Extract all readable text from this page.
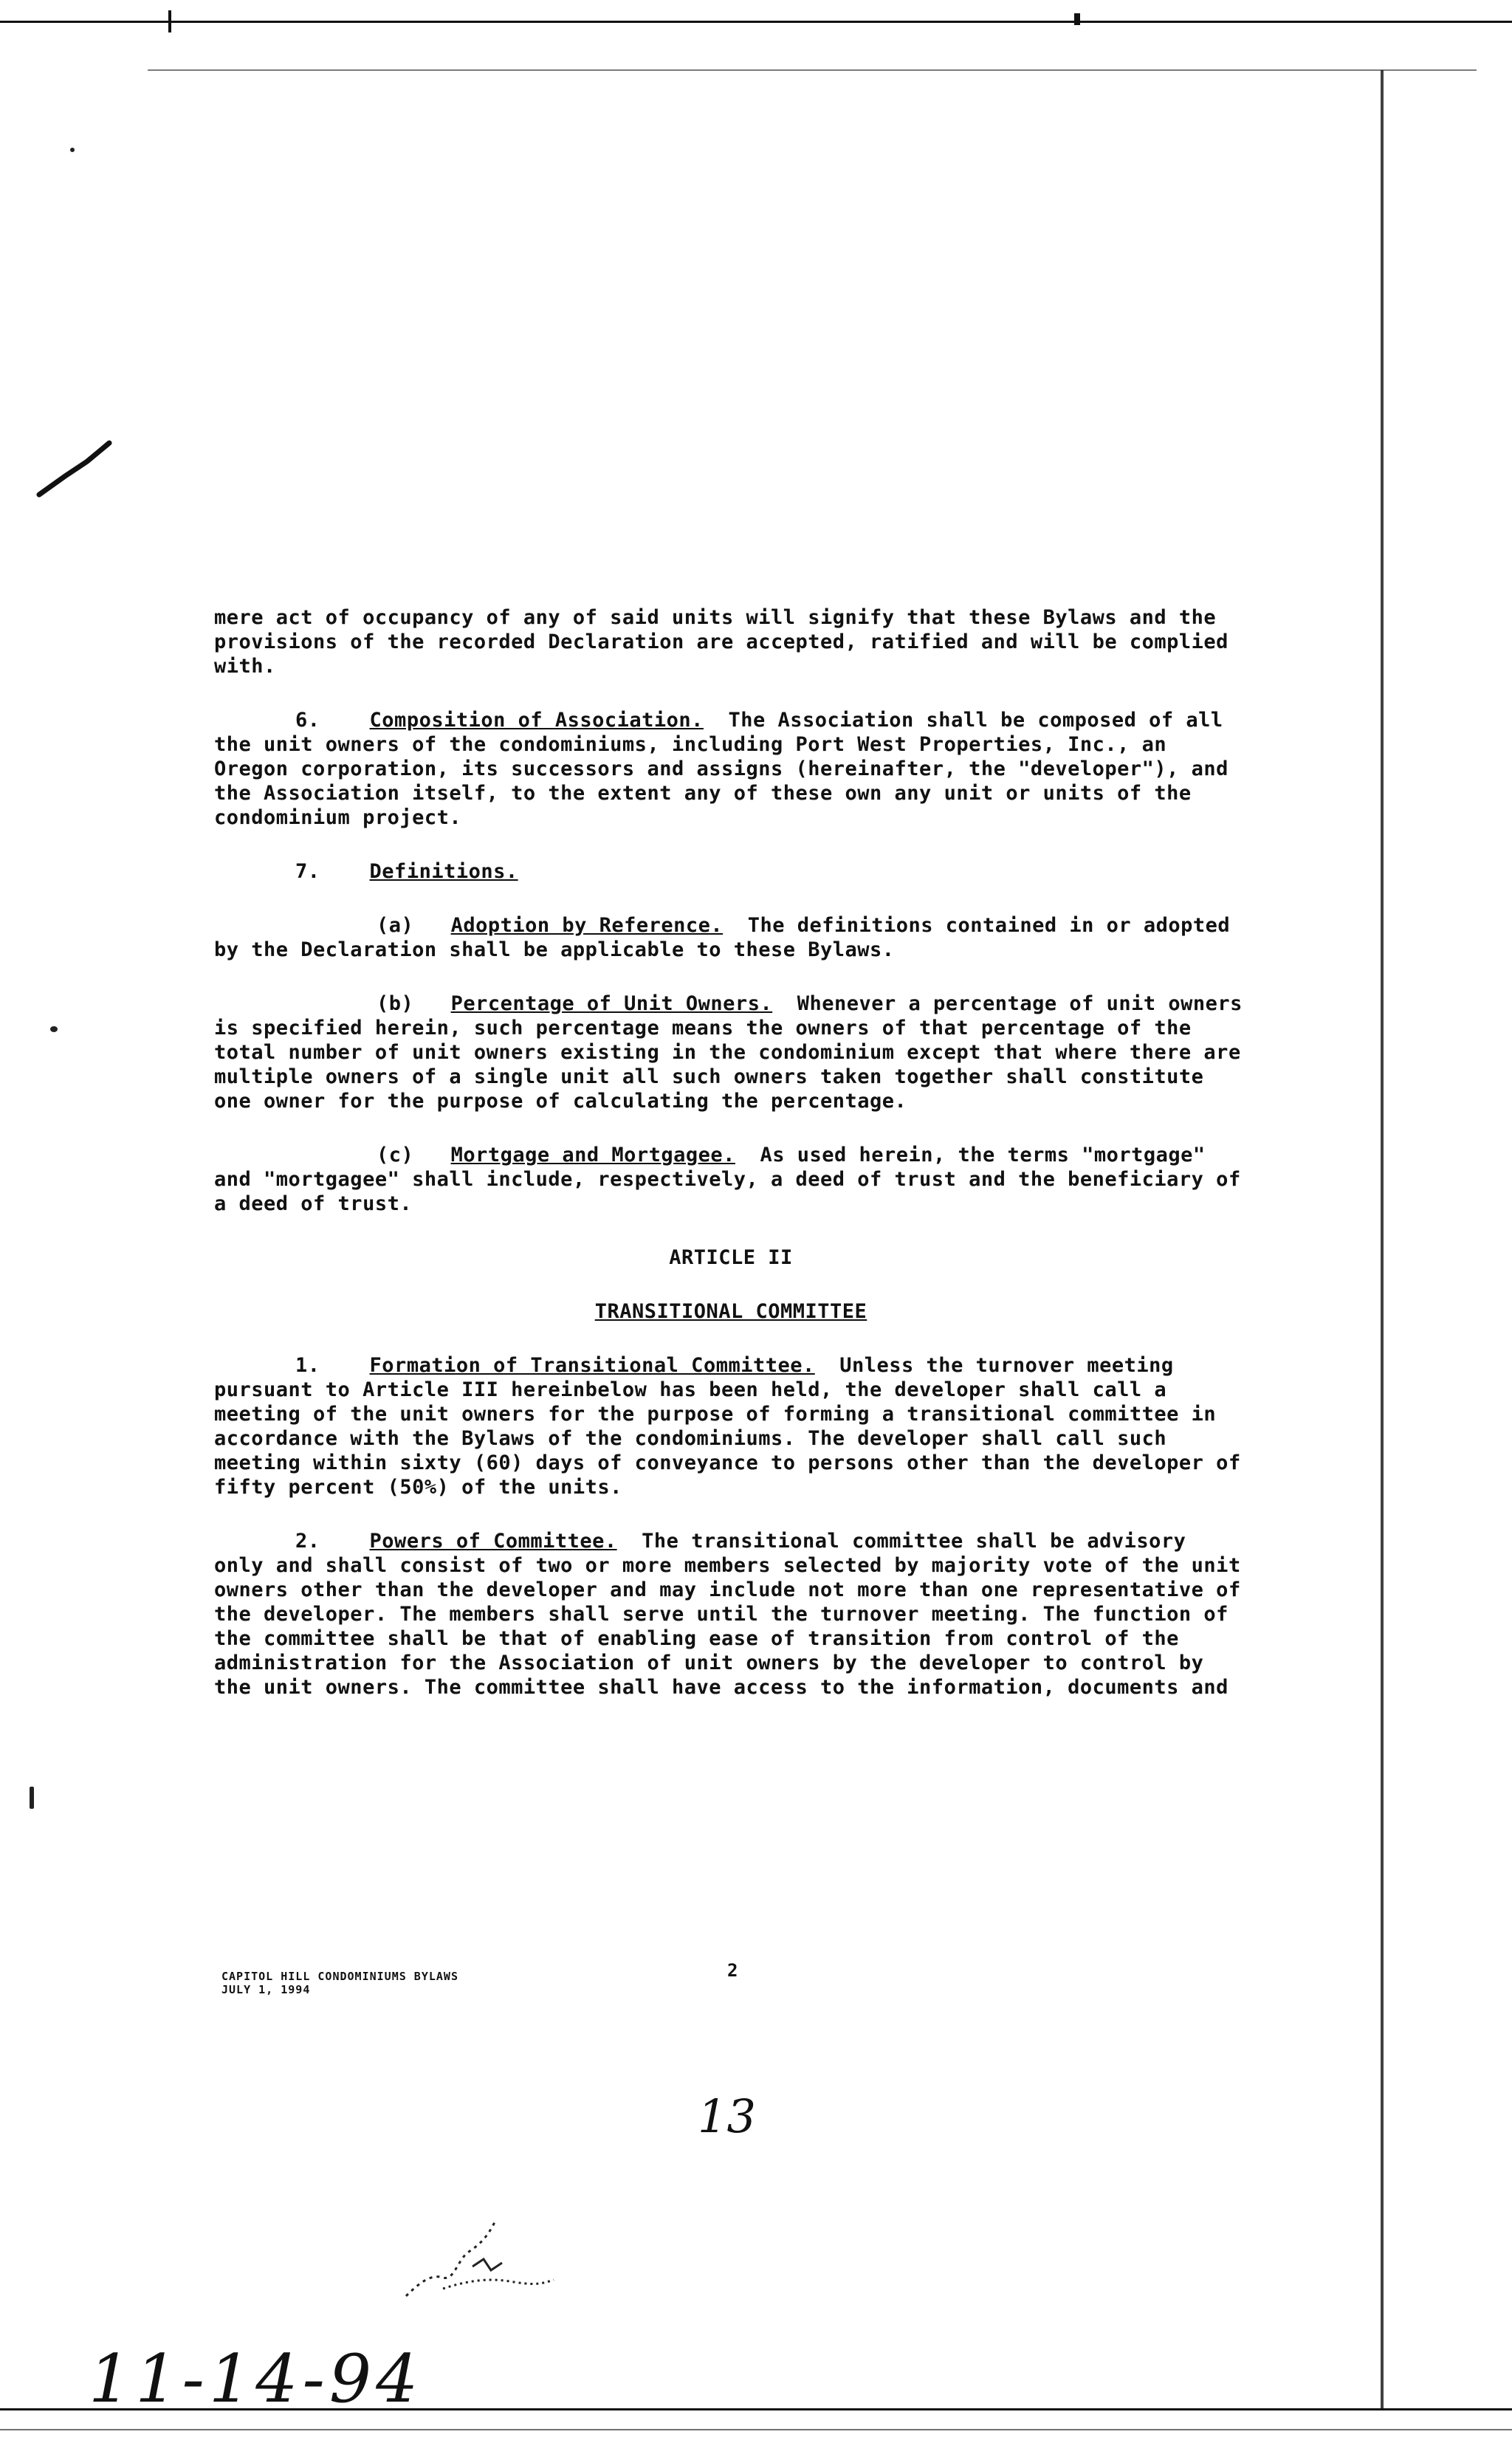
mere act of occupancy of any of said units will signify that these Bylaws and the provisions of the recorded Declaration are accepted, ratified and will be complied with.

6. Composition of Association. The Association shall be composed of all the unit owners of the condominiums, including Port West Properties, Inc., an Oregon corporation, its successors and assigns (hereinafter, the "developer"), and the Association itself, to the extent any of these own any unit or units of the condominium project.

7. Definitions.

(a) Adoption by Reference. The definitions contained in or adopted by the Declaration shall be applicable to these Bylaws.

(b) Percentage of Unit Owners. Whenever a percentage of unit owners is specified herein, such percentage means the owners of that percentage of the total number of unit owners existing in the condominium except that where there are multiple owners of a single unit all such owners taken together shall constitute one owner for the purpose of calculating the percentage.

(c) Mortgage and Mortgagee. As used herein, the terms "mortgage" and "mortgagee" shall include, respectively, a deed of trust and the beneficiary of a deed of trust.

ARTICLE II

TRANSITIONAL COMMITTEE

1. Formation of Transitional Committee. Unless the turnover meeting pursuant to Article III hereinbelow has been held, the developer shall call a meeting of the unit owners for the purpose of forming a transitional committee in accordance with the Bylaws of the condominiums. The developer shall call such meeting within sixty (60) days of conveyance to persons other than the developer of fifty percent (50%) of the units.

2. Powers of Committee. The transitional committee shall be advisory only and shall consist of two or more members selected by majority vote of the unit owners other than the developer and may include not more than one representative of the developer. The members shall serve until the turnover meeting. The function of the committee shall be that of enabling ease of transition from control of the administration for the Association of unit owners by the developer to control by the unit owners. The committee shall have access to the information, documents and

CAPITOL HILL CONDOMINIUMS BYLAWS
JULY 1, 1994
2
13
11-14-94
